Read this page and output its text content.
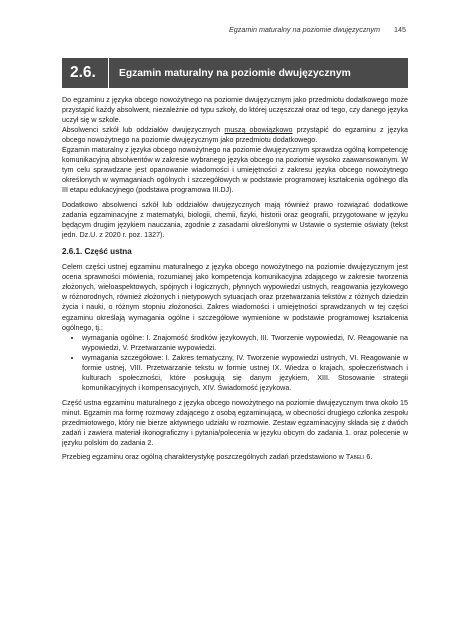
Egzamin maturalny na poziomie dwujęzycznym 145
2.6.	Egzamin maturalny na poziomie dwujęzycznym

Do egzaminu z języka obcego nowożytnego na poziomie dwujęzycznym jako przedmiotu dodatkowego może przystąpić każdy absolwent, niezależnie od typu szkoły, do której uczęszczał oraz od tego, czy danego języka uczył się w szkole.

Absolwenci szkół lub oddziałów dwujęzycznych muszą obowiązkowo przystąpić do egzaminu z języka obcego nowożytnego na poziomie dwujęzycznym jako przedmiotu dodatkowego.

Egzamin maturalny z języka obcego nowożytnego na poziomie dwujęzycznym sprawdza ogólną kompetencję komunikacyjną absolwentów w zakresie wybranego języka obcego na poziomie wysoko zaawansowanym. W tym celu sprawdzane jest opanowanie wiadomości i umiejętności z zakresu języka obcego nowożytnego określonych w wymaganiach ogólnych i szczegółowych w podstawie programowej kształcenia ogólnego dla III etapu edukacyjnego (podstawa programowa III.DJ).

Dodatkowo absolwenci szkół lub oddziałów dwujęzycznych mają również prawo rozwiązać dodatkowe zadania egzaminacyjne z matematyki, biologii, chemii, fizyki, historii oraz geografii, przygotowane w języku będącym drugim językiem nauczania, zgodnie z zasadami określonymi w Ustawie o systemie oświaty (tekst jedn. Dz.U. z 2020 r. poz. 1327).

2.6.1. Część ustna

Celem części ustnej egzaminu maturalnego z języka obcego nowożytnego na poziomie dwujęzycznym jest ocena sprawności mówienia, rozumianej jako kompetencja komunikacyjna zdającego w zakresie tworzenia złożonych, wieloaspektowych, spójnych i logicznych, płynnych wypowiedzi ustnych, reagowania językowego w różnorodnych, również złożonych i nietypowych sytuacjach oraz przetwarzania tekstów z różnych dziedzin życia i nauki, o różnym stopniu złożoności. Zakres wiadomości i umiejętności sprawdzanych w tej części egzaminu określają wymagania ogólne i szczegółowe wymienione w podstawie programowej kształcenia ogólnego, tj.:

• wymagania ogólne: I. Znajomość środków językowych, III. Tworzenie wypowiedzi, IV. Reagowanie na wypowiedzi, V. Przetwarzanie wypowiedzi.
• wymagania szczegółowe: I. Zakres tematyczny, IV. Tworzenie wypowiedzi ustnych, VI. Reagowanie w formie ustnej, VIII. Przetwarzanie tekstu w formie ustnej IX. Wiedza o krajach, społeczeństwach i kulturach społeczności, które posługują się danym językiem, XIII. Stosowanie strategii komunikacyjnych i kompensacyjnych, XIV. Świadomość językowa.

Część ustna egzaminu maturalnego z języka obcego nowożytnego na poziomie dwujęzycznym trwa około 15 minut. Egzamin ma formę rozmowy zdającego z osobą egzaminującą, w obecności drugiego członka zespołu przedmiotowego, który nie bierze aktywnego udziału w rozmowie. Zestaw egzaminacyjny składa się z dwóch zadań i zawiera materiał ikonograficzny i pytania/polecenia w języku obcym do zadania 1. oraz polecenie w języku polskim do zadania 2.

Przebieg egzaminu oraz ogólną charakterystykę poszczególnych zadań przedstawiono w Tabeli 6.
